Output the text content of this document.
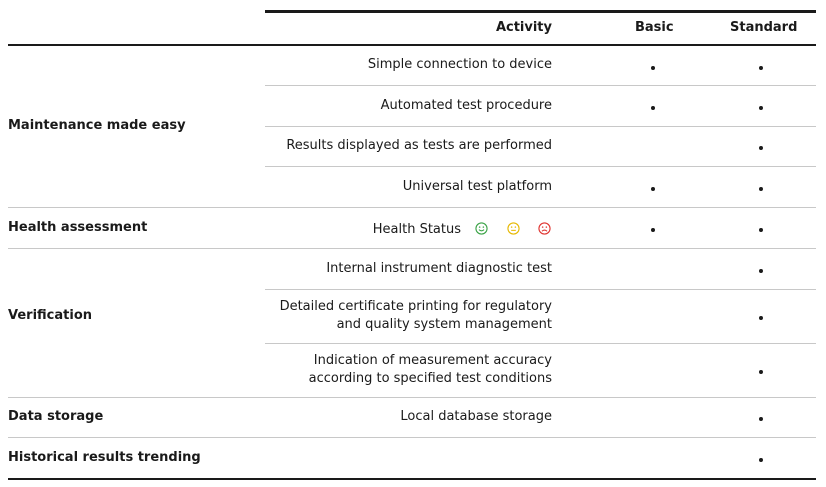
Activity	Basic	Standard
Maintenance made easy
Health assessment
Verification
Data storage
Historical results trending
Simple connection to device
Automated test procedure
Results displayed as tests are performed
Universal test platform
Health Status
Internal instrument diagnostic test
Detailed certificate printing for regulatory
and quality system management
Indication of measurement accuracy
according to specified test conditions
Local database storage
